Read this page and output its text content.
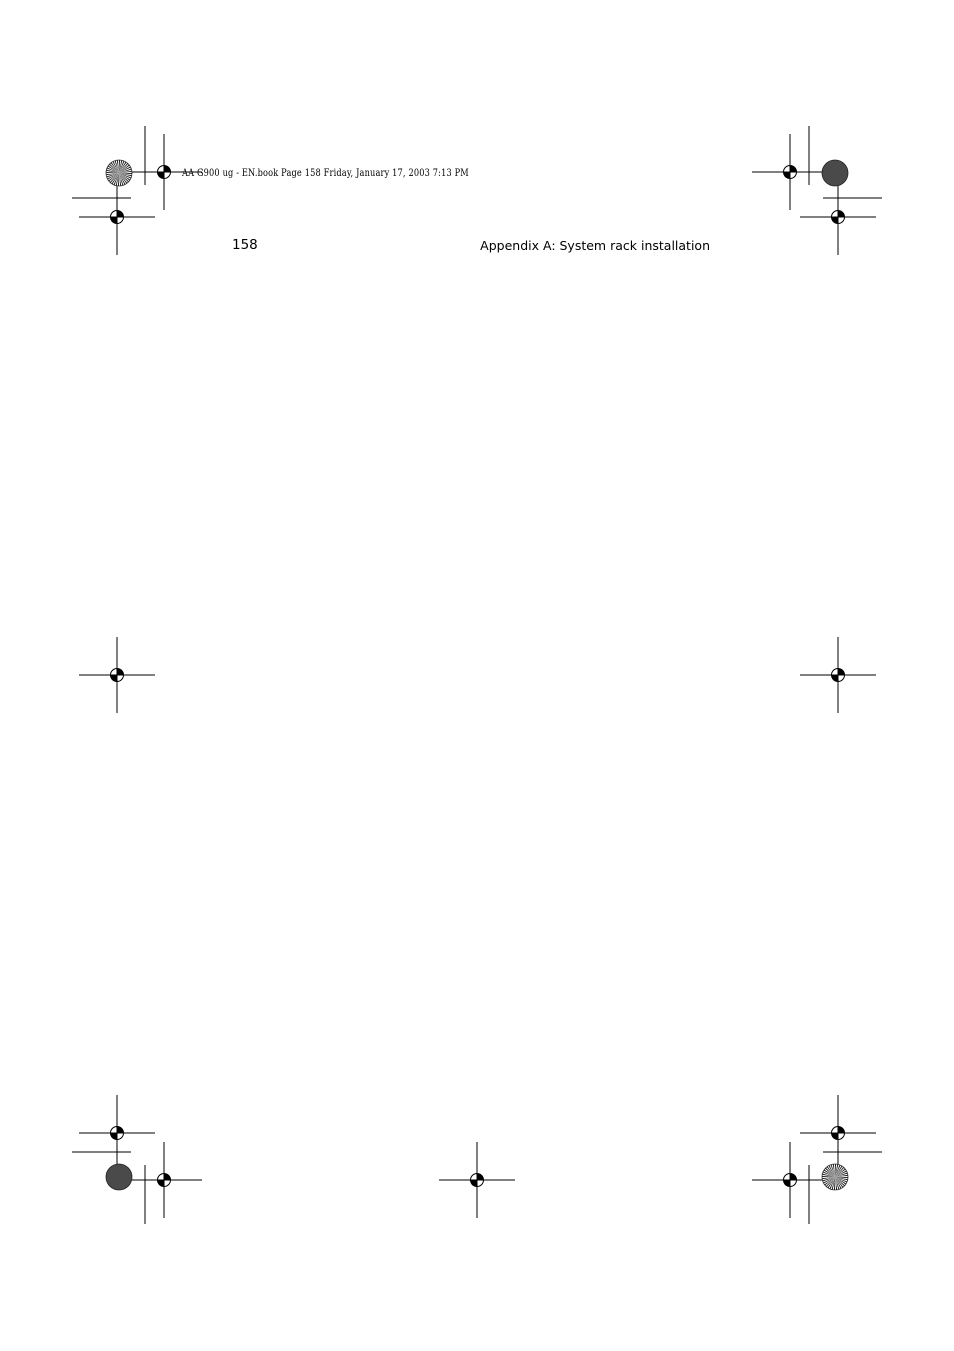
AA G900 ug - EN.book Page 158 Friday, January 17, 2003 7:13 PM
158	Appendix A: System rack installation
